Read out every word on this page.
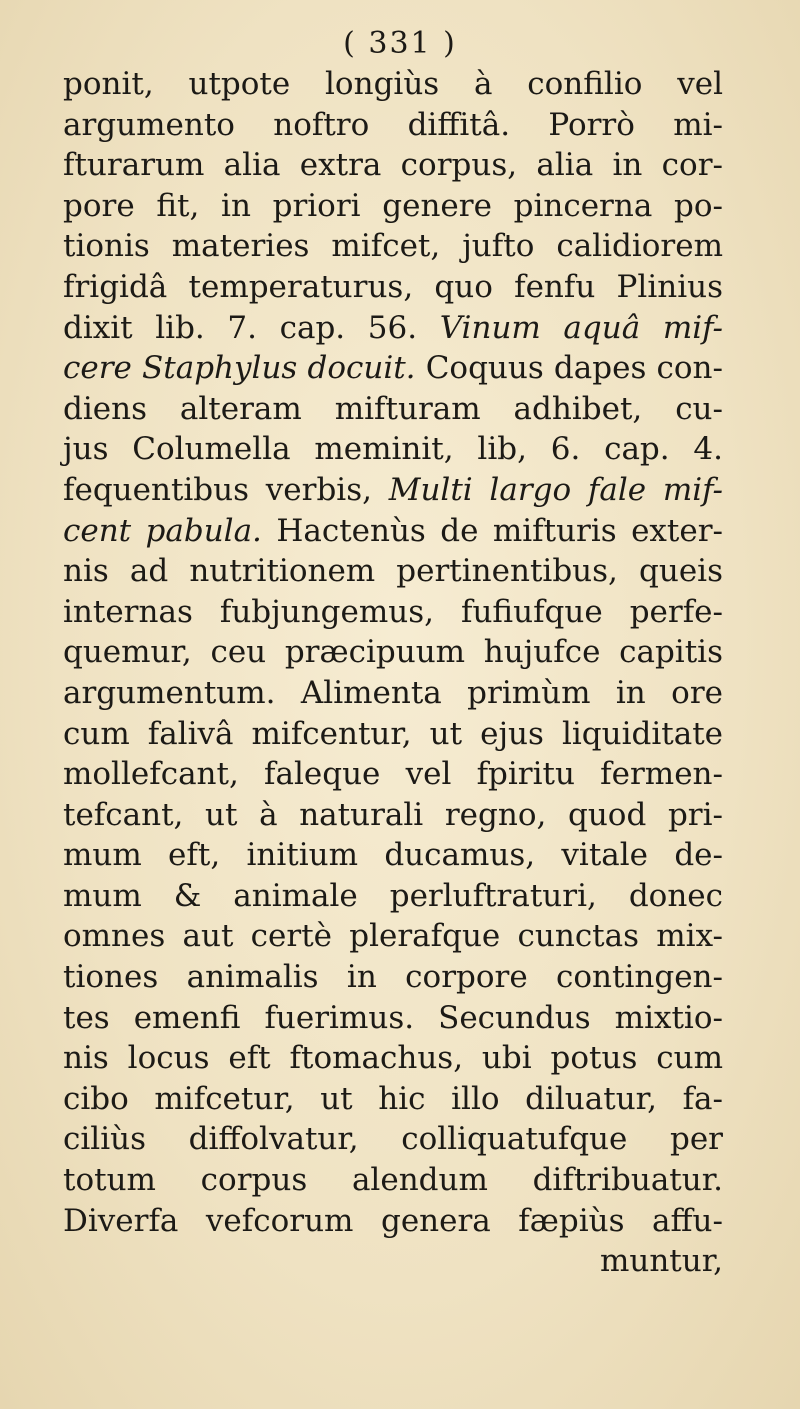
( 331 )
ponit, utpote longiùs à confilio vel
argumento noftro diffitâ. Porrò mi-
fturarum alia extra corpus, alia in cor-
pore fit, in priori genere pincerna po-
tionis materies mifcet, jufto calidiorem
frigidâ temperaturus, quo fenfu Plinius
dixit lib. 7. cap. 56. Vinum aquâ mif-
cere Staphylus docuit. Coquus dapes con-
diens alteram mifturam adhibet, cu-
jus Columella meminit, lib, 6. cap. 4.
fequentibus verbis, Multi largo fale mif-
cent pabula. Hactenùs de mifturis exter-
nis ad nutritionem pertinentibus, queis
internas fubjungemus, fufiufque perfe-
quemur, ceu præcipuum hujufce capitis
argumentum. Alimenta primùm in ore
cum falivâ mifcentur, ut ejus liquiditate
mollefcant, faleque vel fpiritu fermen-
tefcant, ut à naturali regno, quod pri-
mum eft, initium ducamus, vitale de-
mum & animale perluftraturi, donec
omnes aut certè plerafque cunctas mix-
tiones animalis in corpore contingen-
tes emenfi fuerimus. Secundus mixtio-
nis locus eft ftomachus, ubi potus cum
cibo mifcetur, ut hic illo diluatur, fa-
ciliùs diffolvatur, colliquatufque per
totum corpus alendum diftribuatur.
Diverfa vefcorum genera fæpiùs affu-
muntur,
